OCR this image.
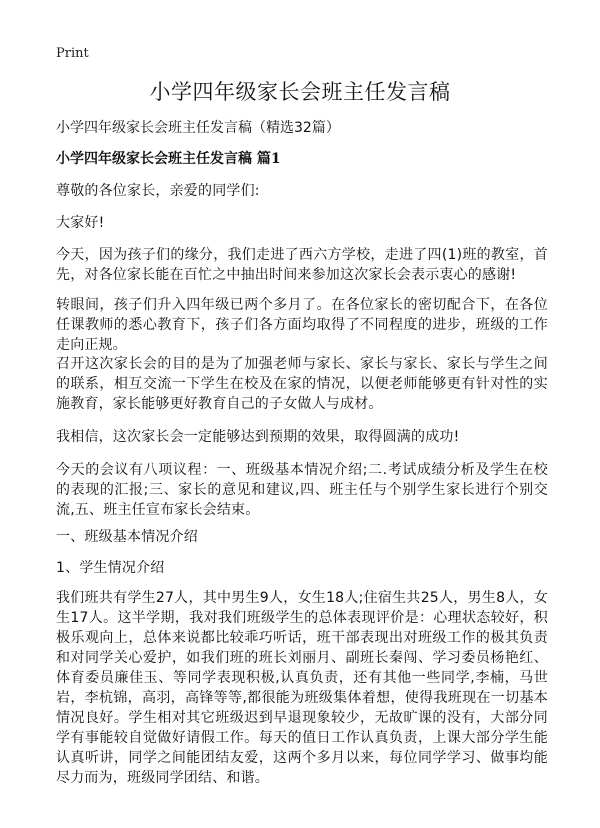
Print
小学四年级家长会班主任发言稿
小学四年级家长会班主任发言稿（精选32篇）
小学四年级家长会班主任发言稿 篇1

尊敬的各位家长，亲爱的同学们:

大家好!

今天，因为孩子们的缘分，我们走进了西六方学校，走进了四(1)班的教室，首先，对各位家长能在百忙之中抽出时间来参加这次家长会表示衷心的感谢!

转眼间，孩子们升入四年级已两个多月了。在各位家长的密切配合下，在各位任课教师的悉心教育下，孩子们各方面均取得了不同程度的进步，班级的工作走向正规。

召开这次家长会的目的是为了加强老师与家长、家长与家长、家长与学生之间的联系，相互交流一下学生在校及在家的情况，以便老师能够更有针对性的实施教育，家长能够更好教育自己的子女做人与成材。

我相信，这次家长会一定能够达到预期的效果，取得圆满的成功!

今天的会议有八项议程：一、班级基本情况介绍;二.考试成绩分析及学生在校的表现的汇报;三、家长的意见和建议,四、班主任与个别学生家长进行个别交流,五、班主任宣布家长会结束。

一、班级基本情况介绍

1、学生情况介绍

我们班共有学生27人，其中男生9人，女生18人;住宿生共25人，男生8人，女生17人。这半学期，我对我们班级学生的总体表现评价是：心理状态较好，积极乐观向上，总体来说都比较乖巧听话，班干部表现出对班级工作的极其负责和对同学关心爱护，如我们班的班长刘丽月、副班长秦闯、学习委员杨艳红、体育委员廉佳玉、等同学表现积极,认真负责，还有其他一些同学,李楠，马世岩，李杭锦，高羽，高锋等等,都很能为班级集体着想，使得我班现在一切基本情况良好。学生相对其它班级迟到早退现象较少，无故旷课的没有，大部分同学有事能较自觉做好请假工作。每天的值日工作认真负责，上课大部分学生能认真听讲，同学之间能团结友爱，这两个多月以来，每位同学学习、做事均能尽力而为，班级同学团结、和谐。
